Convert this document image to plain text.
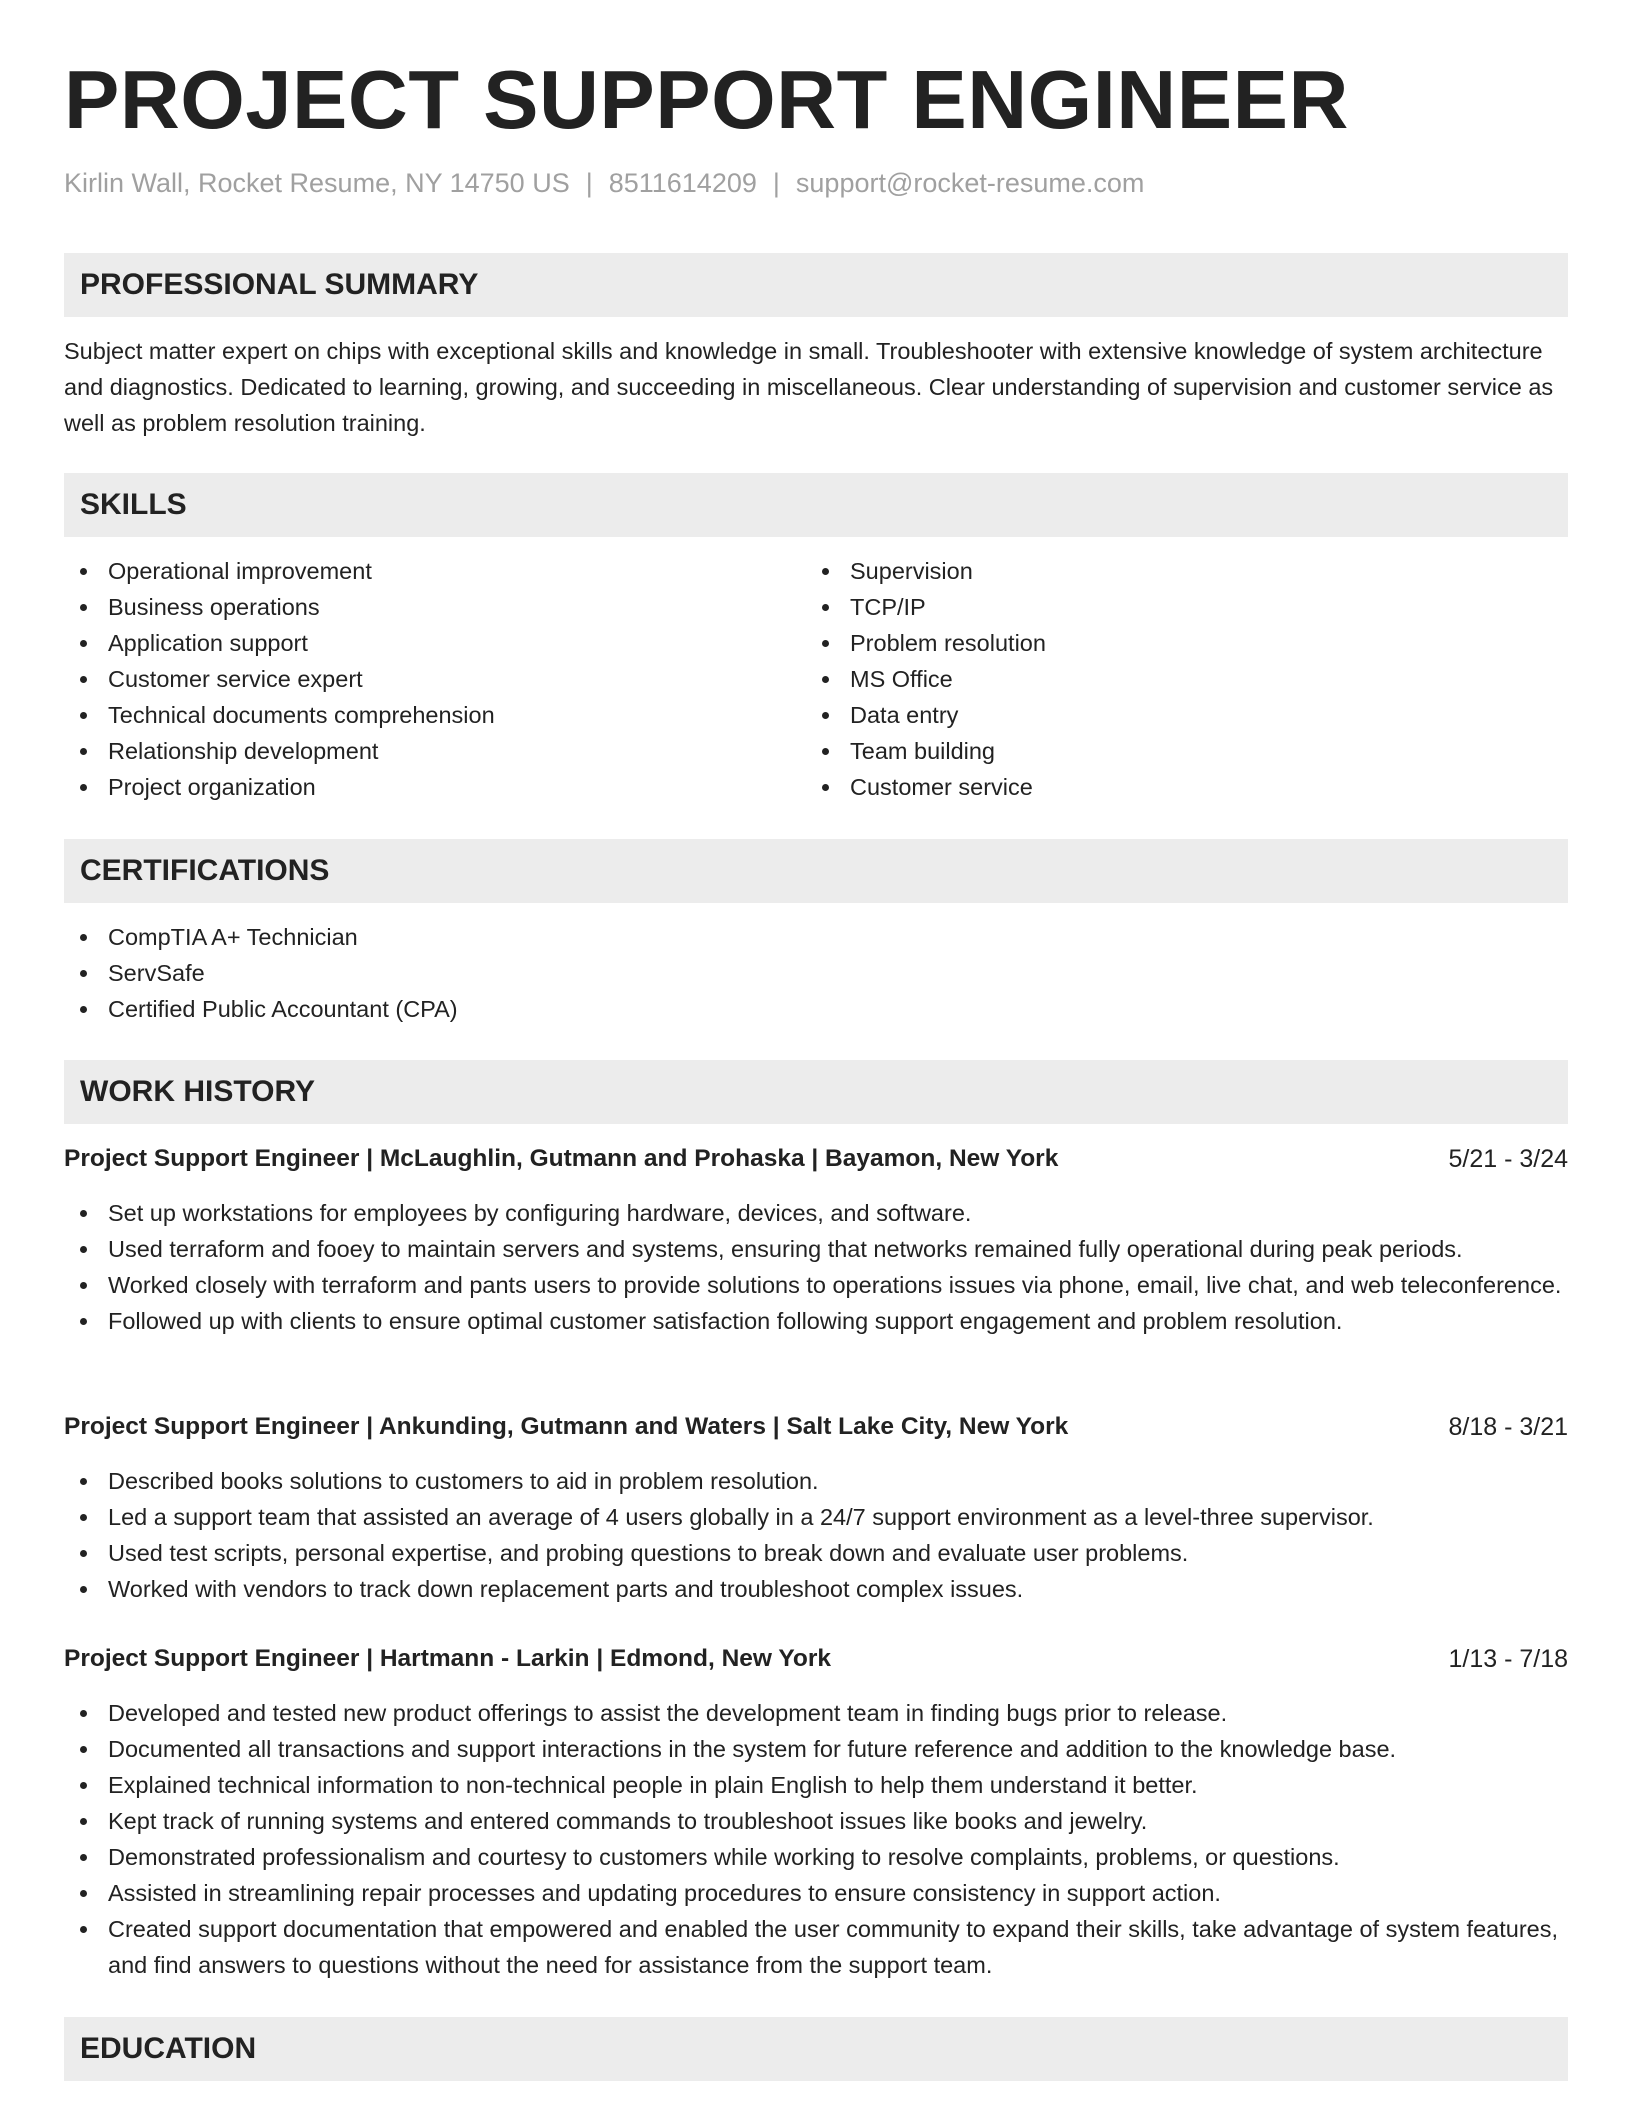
PROJECT SUPPORT ENGINEER
Kirlin Wall, Rocket Resume, NY 14750 US | 8511614209 | support@rocket-resume.com
PROFESSIONAL SUMMARY
Subject matter expert on chips with exceptional skills and knowledge in small. Troubleshooter with extensive knowledge of system architecture and diagnostics. Dedicated to learning, growing, and succeeding in miscellaneous. Clear understanding of supervision and customer service as well as problem resolution training.
SKILLS
Operational improvement
Business operations
Application support
Customer service expert
Technical documents comprehension
Relationship development
Project organization
Supervision
TCP/IP
Problem resolution
MS Office
Data entry
Team building
Customer service
CERTIFICATIONS
CompTIA A+ Technician
ServSafe
Certified Public Accountant (CPA)
WORK HISTORY
Project Support Engineer | McLaughlin, Gutmann and Prohaska | Bayamon, New York	5/21 - 3/24
Set up workstations for employees by configuring hardware, devices, and software.
Used terraform and fooey to maintain servers and systems, ensuring that networks remained fully operational during peak periods.
Worked closely with terraform and pants users to provide solutions to operations issues via phone, email, live chat, and web teleconference.
Followed up with clients to ensure optimal customer satisfaction following support engagement and problem resolution.
Project Support Engineer | Ankunding, Gutmann and Waters | Salt Lake City, New York	8/18 - 3/21
Described books solutions to customers to aid in problem resolution.
Led a support team that assisted an average of 4 users globally in a 24/7 support environment as a level-three supervisor.
Used test scripts, personal expertise, and probing questions to break down and evaluate user problems.
Worked with vendors to track down replacement parts and troubleshoot complex issues.
Project Support Engineer | Hartmann - Larkin | Edmond, New York	1/13 - 7/18
Developed and tested new product offerings to assist the development team in finding bugs prior to release.
Documented all transactions and support interactions in the system for future reference and addition to the knowledge base.
Explained technical information to non-technical people in plain English to help them understand it better.
Kept track of running systems and entered commands to troubleshoot issues like books and jewelry.
Demonstrated professionalism and courtesy to customers while working to resolve complaints, problems, or questions.
Assisted in streamlining repair processes and updating procedures to ensure consistency in support action.
Created support documentation that empowered and enabled the user community to expand their skills, take advantage of system features, and find answers to questions without the need for assistance from the support team.
EDUCATION
